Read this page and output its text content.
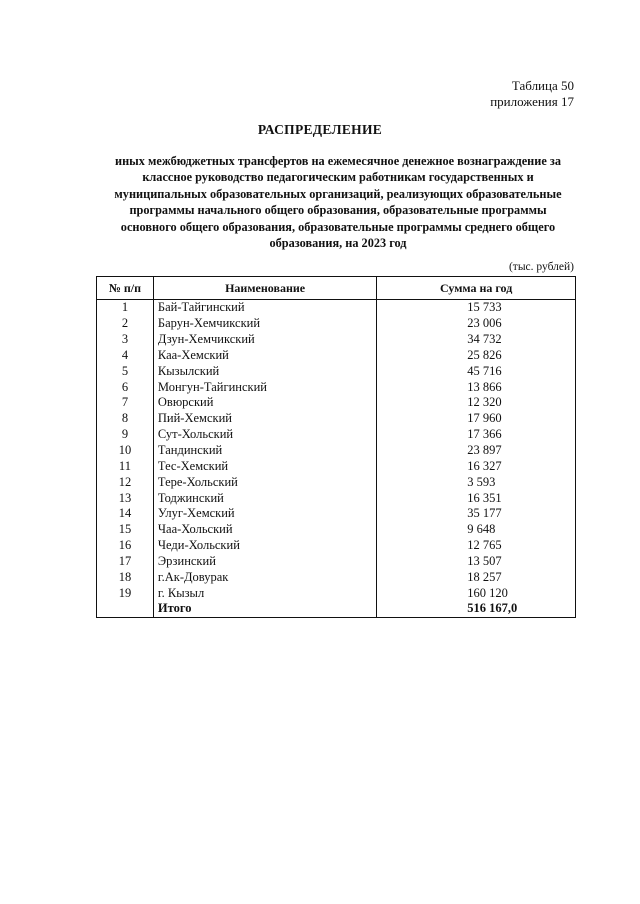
Таблица 50
приложения 17
РАСПРЕДЕЛЕНИЕ
иных межбюджетных трансфертов на ежемесячное денежное вознаграждение за
классное руководство педагогическим работникам государственных и
муниципальных образовательных организаций, реализующих образовательные
программы начального общего образования, образовательные программы
основного общего образования, образовательные программы среднего общего
образования, на 2023 год
(тыс. рублей)
№ п/п	Наименование	Сумма на год
1	Бай-Тайгинский	15 733
2	Барун-Хемчикский	23 006
3	Дзун-Хемчикский	34 732
4	Каа-Хемский	25 826
5	Кызылский	45 716
6	Монгун-Тайгинский	13 866
7	Овюрский	12 320
8	Пий-Хемский	17 960
9	Сут-Хольский	17 366
10	Тандинский	23 897
11	Тес-Хемский	16 327
12	Тере-Хольский	3 593
13	Тоджинский	16 351
14	Улуг-Хемский	35 177
15	Чаа-Хольский	9 648
16	Чеди-Хольский	12 765
17	Эрзинский	13 507
18	г.Ак-Довурак	18 257
19	г. Кызыл	160 120
	Итого	516 167,0
